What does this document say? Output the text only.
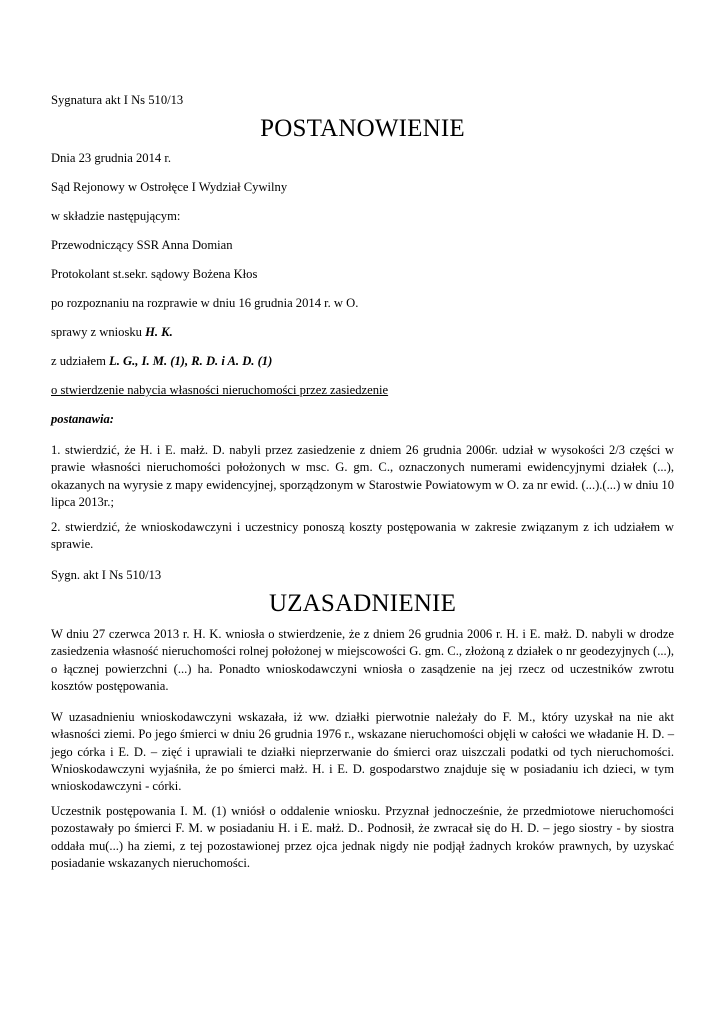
Sygnatura akt I Ns 510/13
POSTANOWIENIE
Dnia 23 grudnia 2014 r.
Sąd Rejonowy w Ostrołęce I Wydział Cywilny
w składzie następującym:
Przewodniczący SSR Anna Domian
Protokolant st.sekr. sądowy Bożena Kłos
po rozpoznaniu na rozprawie w dniu 16 grudnia 2014 r. w O.
sprawy z wniosku H. K.
z udziałem L. G., I. M. (1), R. D. i A. D. (1)
o stwierdzenie nabycia własności nieruchomości przez zasiedzenie
postanawia:
1. stwierdzić, że H. i E. małż. D. nabyli przez zasiedzenie z dniem 26 grudnia 2006r. udział w wysokości 2/3 części w prawie własności nieruchomości położonych w msc. G. gm. C., oznaczonych numerami ewidencyjnymi działek (...), okazanych na wyrysie z mapy ewidencyjnej, sporządzonym w Starostwie Powiatowym w O. za nr ewid. (...).(...) w dniu 10 lipca 2013r.;
2. stwierdzić, że wnioskodawczyni i uczestnicy ponoszą koszty postępowania w zakresie związanym z ich udziałem w sprawie.
Sygn. akt I Ns 510/13
UZASADNIENIE
W dniu 27 czerwca 2013 r. H. K. wniosła o stwierdzenie, że z dniem 26 grudnia 2006 r. H. i E. małż. D. nabyli w drodze zasiedzenia własność nieruchomości rolnej położonej w miejscowości G. gm. C., złożoną z działek o nr geodezyjnych (...), o łącznej powierzchni (...) ha. Ponadto wnioskodawczyni wniosła o zasądzenie na jej rzecz od uczestników zwrotu kosztów postępowania.
W uzasadnieniu wnioskodawczyni wskazała, iż ww. działki pierwotnie należały do F. M., który uzyskał na nie akt własności ziemi. Po jego śmierci w dniu 26 grudnia 1976 r., wskazane nieruchomości objęli w całości we władanie H. D. – jego córka i E. D. – zięć i uprawiali te działki nieprzerwanie do śmierci oraz uiszczali podatki od tych nieruchomości. Wnioskodawczyni wyjaśniła, że po śmierci małż. H. i E. D. gospodarstwo znajduje się w posiadaniu ich dzieci, w tym wnioskodawczyni - córki.
Uczestnik postępowania I. M. (1) wniósł o oddalenie wniosku. Przyznał jednocześnie, że przedmiotowe nieruchomości pozostawały po śmierci F. M. w posiadaniu H. i E. małż. D.. Podnosił, że zwracał się do H. D. – jego siostry - by siostra oddała mu(...) ha ziemi, z tej pozostawionej przez ojca jednak nigdy nie podjął żadnych kroków prawnych, by uzyskać posiadanie wskazanych nieruchomości.
